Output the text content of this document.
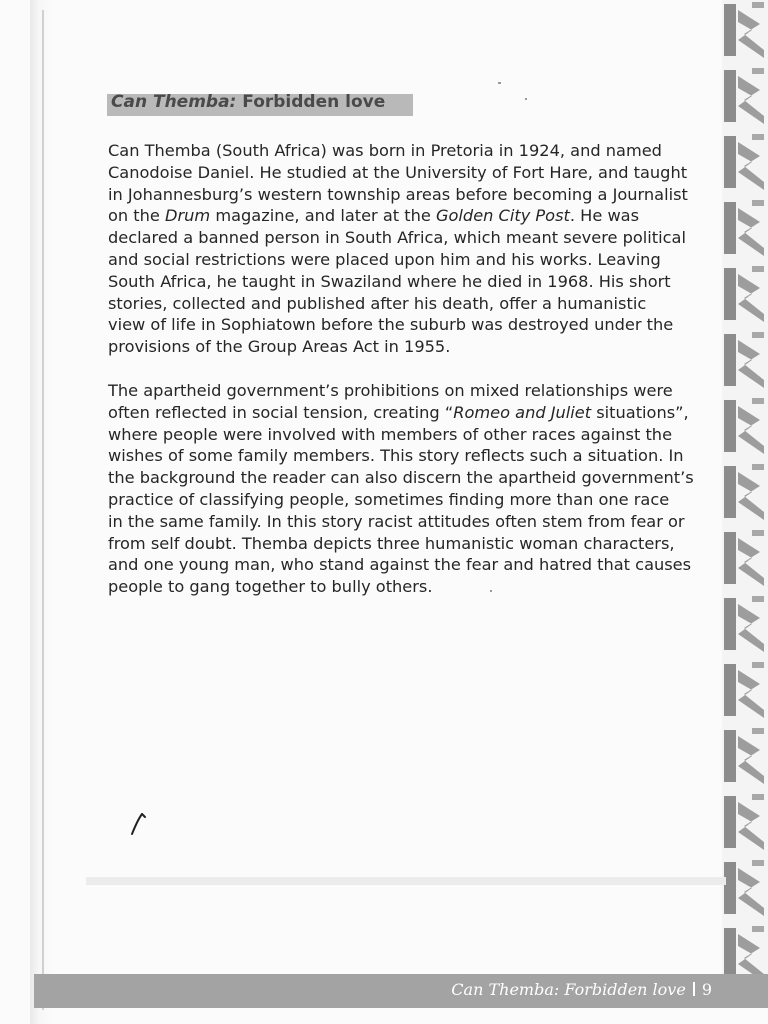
Can Themba: Forbidden love
Can Themba (South Africa) was born in Pretoria in 1924, and named
Canodoise Daniel. He studied at the University of Fort Hare, and taught
in Johannesburg’s western township areas before becoming a Journalist
on the Drum magazine, and later at the Golden City Post. He was
declared a banned person in South Africa, which meant severe political
and social restrictions were placed upon him and his works. Leaving
South Africa, he taught in Swaziland where he died in 1968. His short
stories, collected and published after his death, offer a humanistic
view of life in Sophiatown before the suburb was destroyed under the
provisions of the Group Areas Act in 1955.
The apartheid government’s prohibitions on mixed relationships were
often reflected in social tension, creating “Romeo and Juliet situations”,
where people were involved with members of other races against the
wishes of some family members. This story reflects such a situation. In
the background the reader can also discern the apartheid government’s
practice of classifying people, sometimes finding more than one race
in the same family. In this story racist attitudes often stem from fear or
from self doubt. Themba depicts three humanistic woman characters,
and one young man, who stand against the fear and hatred that causes
people to gang together to bully others.
Can Themba: Forbidden love 9
